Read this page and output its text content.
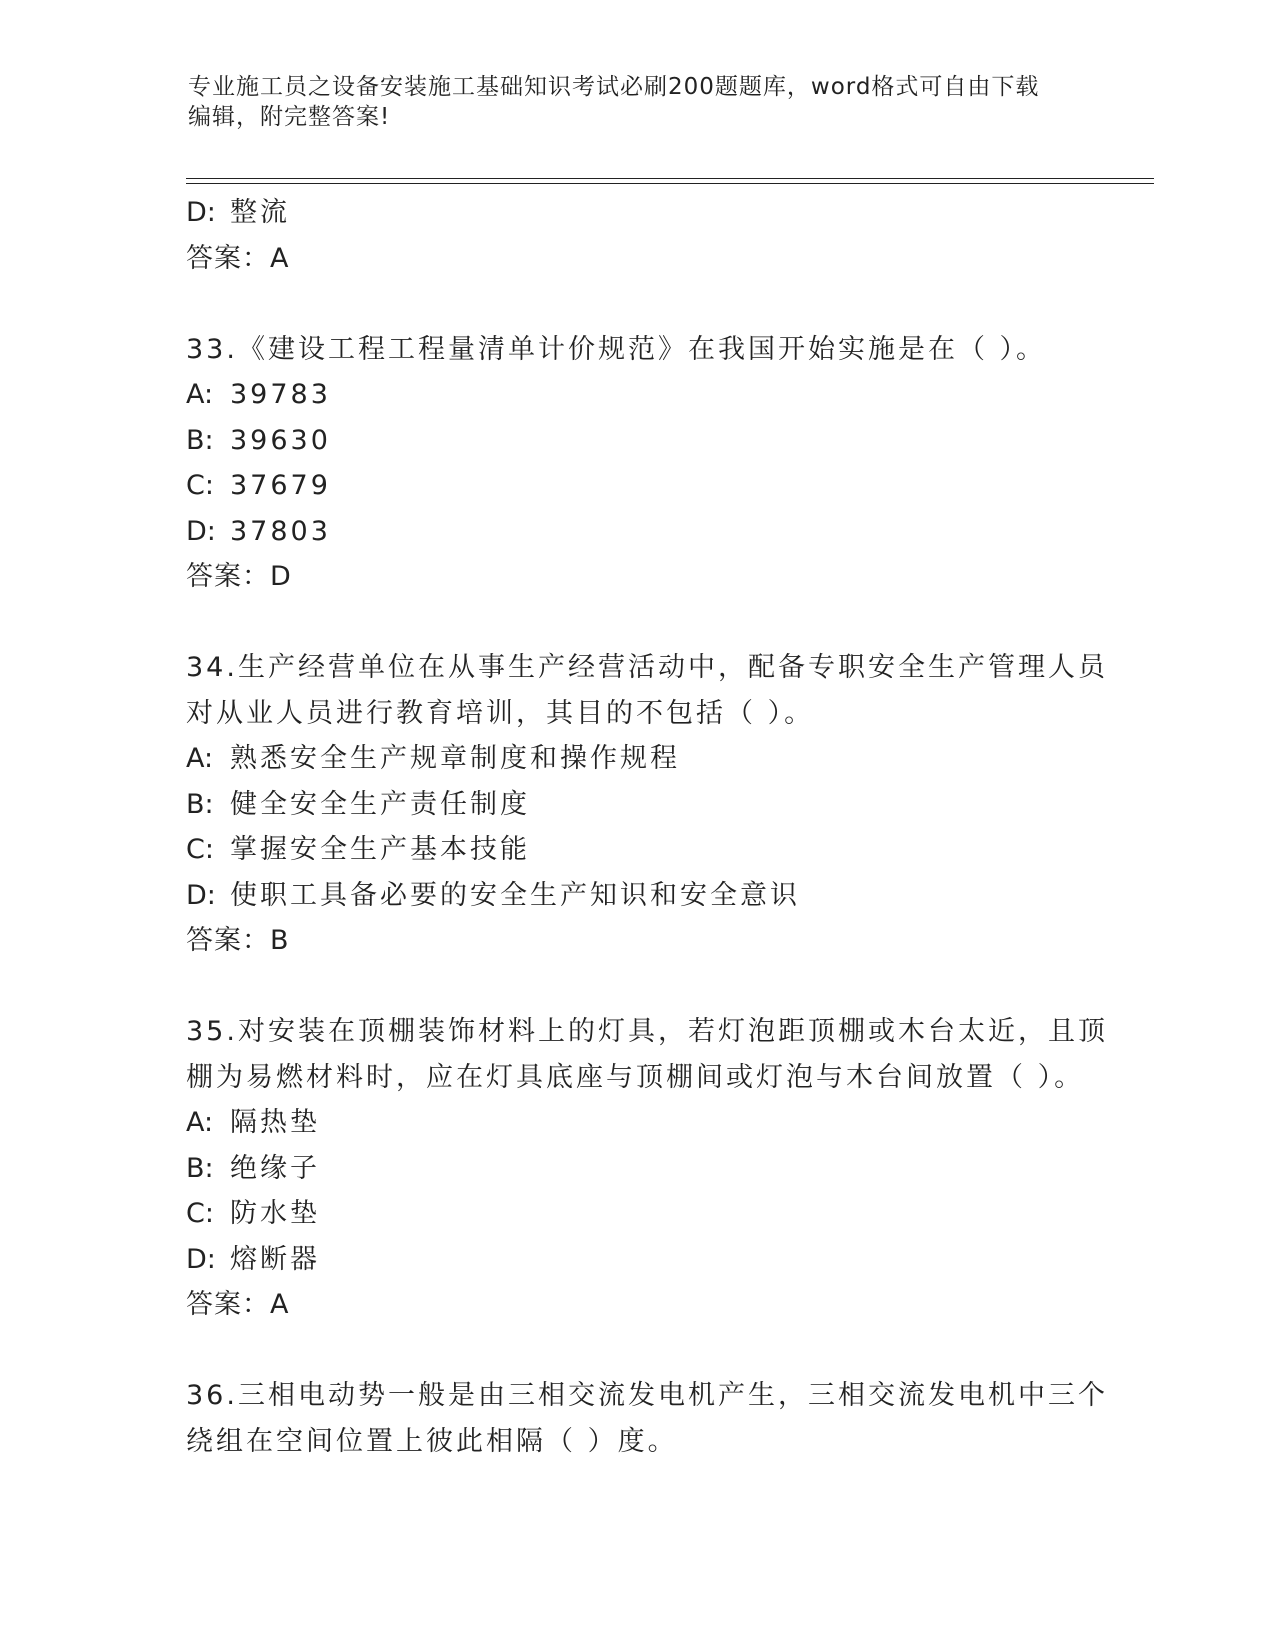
专业施工员之设备安装施工基础知识考试必刷200题题库，word格式可自由下载
编辑，附完整答案!
D: 整流
答案：A
33.《建设工程工程量清单计价规范》在我国开始实施是在（ ）。
A: 39783
B: 39630
C: 37679
D: 37803
答案：D
34.生产经营单位在从事生产经营活动中，配备专职安全生产管理人员
对从业人员进行教育培训，其目的不包括（ ）。
A: 熟悉安全生产规章制度和操作规程
B: 健全安全生产责任制度
C: 掌握安全生产基本技能
D: 使职工具备必要的安全生产知识和安全意识
答案：B
35.对安装在顶棚装饰材料上的灯具，若灯泡距顶棚或木台太近，且顶
棚为易燃材料时，应在灯具底座与顶棚间或灯泡与木台间放置（ ）。
A: 隔热垫
B: 绝缘子
C: 防水垫
D: 熔断器
答案：A
36.三相电动势一般是由三相交流发电机产生，三相交流发电机中三个
绕组在空间位置上彼此相隔（ ）度。
